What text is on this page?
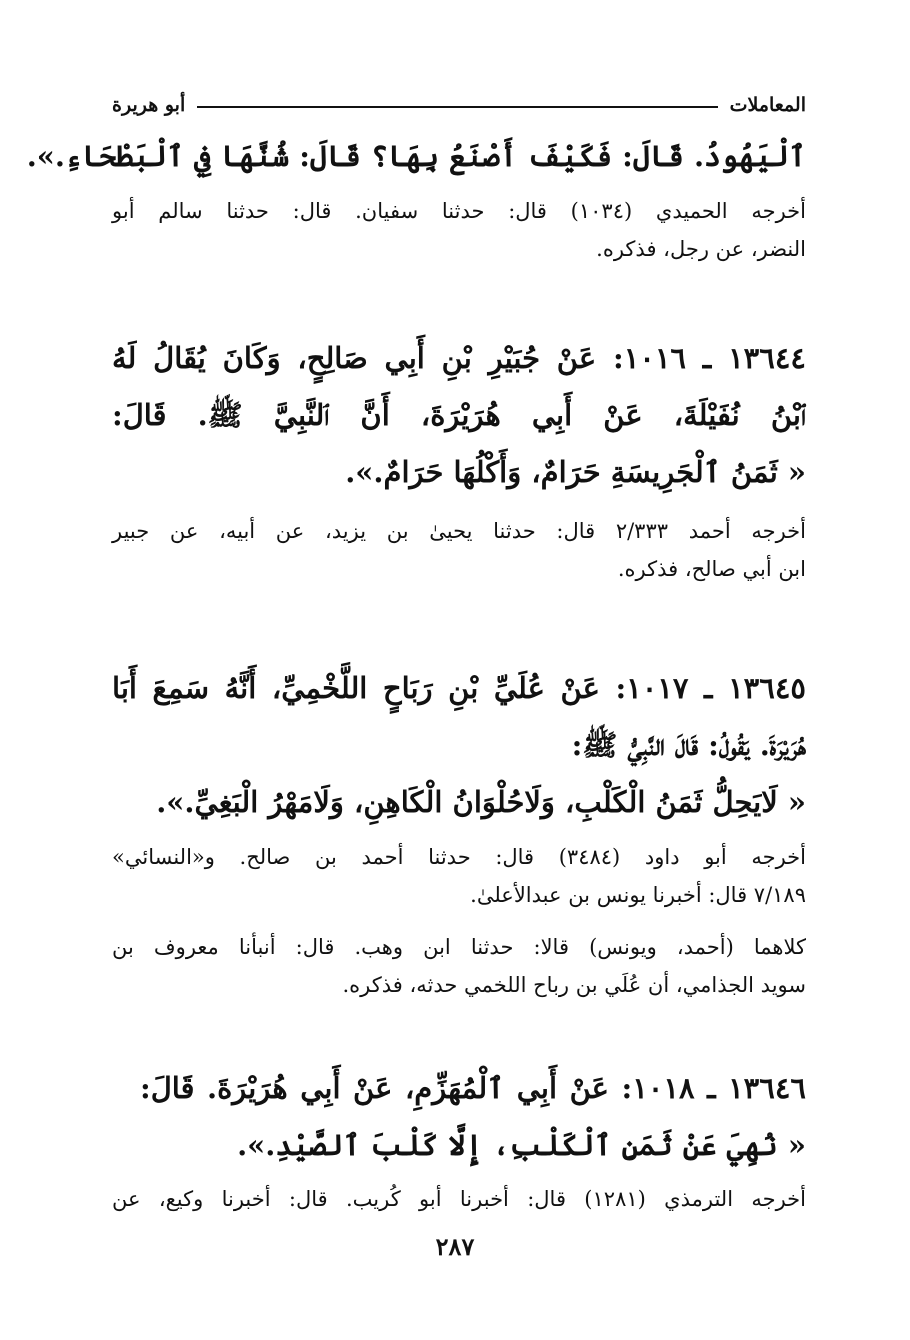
المعاملات
أبو هريرة
ٱلْيَهُودُ. قَالَ: فَكَيْفَ أَصْنَعُ بِهَا؟ قَالَ: شُنَّهَا فِي ٱلْبَطْحَاءِ.».
أخرجه الحميدي (١٠٣٤) قال: حدثنا سفيان. قال: حدثنا سالم أبو
النضر، عن رجل، فذكره.
١٣٦٤٤ ـ ١٠١٦: عَنْ جُبَيْرِ بْنِ أَبِي صَالِحٍ، وَكَانَ يُقَالُ لَهُ
ٱبْنُ نُفَيْلَةَ، عَنْ أَبِي هُرَيْرَةَ، أَنَّ ٱلنَّبِيَّ ﷺ. قَالَ:
« ثَمَنُ ٱلْجَرِيسَةِ حَرَامٌ، وَأَكْلُهَا حَرَامٌ.».
أخرجه أحمد ٢/٣٣٣ قال: حدثنا يحيىٰ بن يزيد، عن أبيه، عن جبير
ابن أبي صالح، فذكره.
١٣٦٤٥ ـ ١٠١٧: عَنْ عُلَيِّ بْنِ رَبَاحٍ اللَّخْمِيِّ، أَنَّهُ سَمِعَ أَبَا
هُرَيْرَةَ. يَقُولُ: قَالَ النَّبِيُّ ﷺ:
« لَايَحِلُّ ثَمَنُ الْكَلْبِ، وَلَاحُلْوَانُ الْكَاهِنِ، وَلَامَهْرُ الْبَغِيِّ.».
أخرجه أبو داود (٣٤٨٤) قال: حدثنا أحمد بن صالح. و«النسائي»
٧/١٨٩ قال: أخبرنا يونس بن عبدالأعلىٰ.
كلاهما (أحمد، ويونس) قالا: حدثنا ابن وهب. قال: أنبأنا معروف بن
سويد الجذامي، أن عُلَي بن رباح اللخمي حدثه، فذكره.
١٣٦٤٦ ـ ١٠١٨: عَنْ أَبِي ٱلْمُهَزِّمِ، عَنْ أَبِي هُرَيْرَةَ. قَالَ:
« نُهِيَ عَنْ ثَمَنِ ٱلْكَلْبِ، إِلَّا كَلْبَ ٱلصَّيْدِ.».
أخرجه الترمذي (١٢٨١) قال: أخبرنا أبو كُريب. قال: أخبرنا وكيع، عن
٢٨٧
